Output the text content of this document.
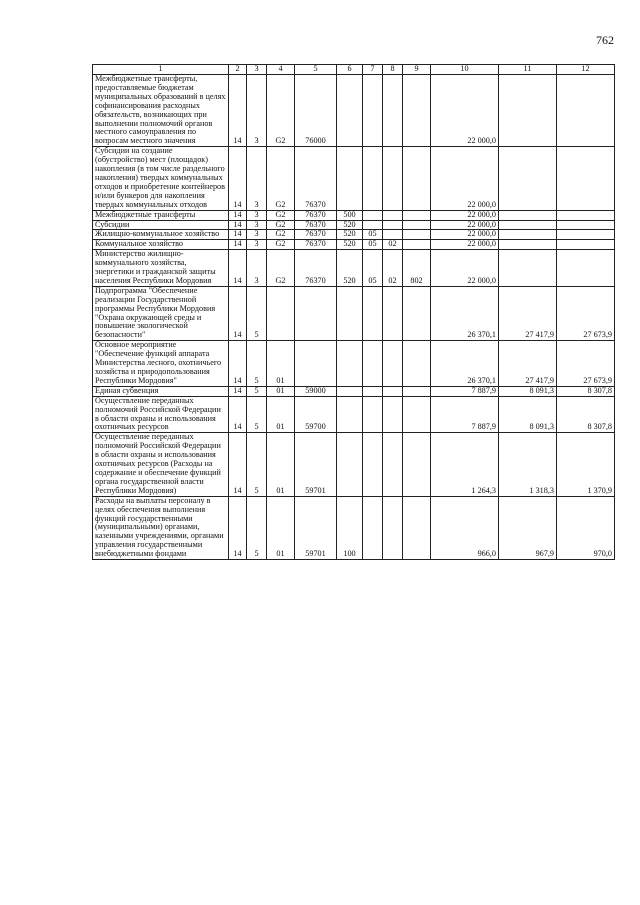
762
1	2	3	4	5	6	7	8	9	10	11	12
Межбюджетные трансферты, предоставляемые бюджетам муниципальных образований в целях софинансирования расходных обязательств, возникающих при выполнении полномочий органов местного самоуправления по вопросам местного значения	14	3	G2	76000					22 000,0		
Субсидии на создание (обустройство) мест (площадок) накопления (в том числе раздельного накопления) твердых коммунальных отходов и приобретение контейнеров и/или бункеров для накопления твердых коммунальных отходов	14	3	G2	76370					22 000,0		
Межбюджетные трансферты	14	3	G2	76370	500				22 000,0		
Субсидии	14	3	G2	76370	520				22 000,0		
Жилищно-коммунальное хозяйство	14	3	G2	76370	520	05			22 000,0		
Коммунальное хозяйство	14	3	G2	76370	520	05	02		22 000,0		
Министерство жилищно-коммунального хозяйства, энергетики и гражданской защиты населения Республики Мордовия	14	3	G2	76370	520	05	02	802	22 000,0		
Подпрограмма "Обеспечение реализации Государственной программы Республики Мордовия "Охрана окружающей среды и повышение экологической безопасности"	14	5							26 370,1	27 417,9	27 673,9
Основное мероприятие "Обеспечение функций аппарата Министерства лесного, охотничьего хозяйства и природопользования Республики Мордовия"	14	5	01						26 370,1	27 417,9	27 673,9
Единая субвенция	14	5	01	59000					7 887,9	8 091,3	8 307,8
Осуществление переданных полномочий Российской Федерации в области охраны и использования охотничьих ресурсов	14	5	01	59700					7 887,9	8 091,3	8 307,8
Осуществление переданных полномочий Российской Федерации в области охраны и использования охотничьих ресурсов (Расходы на содержание и обеспечение функций органа государственной власти Республики Мордовия)	14	5	01	59701					1 264,3	1 318,3	1 370,9
Расходы на выплаты персоналу в целях обеспечения выполнения функций государственными (муниципальными) органами, казенными учреждениями, органами управления государственными внебюджетными фондами	14	5	01	59701	100				966,0	967,9	970,0
